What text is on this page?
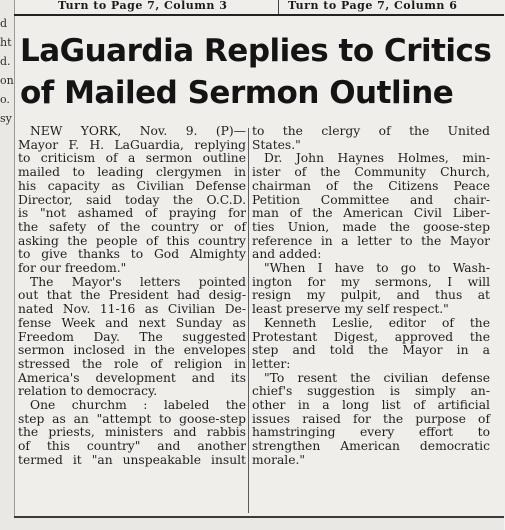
d
ht
d.
on
o.
sy
Turn to Page 7, Column 3	Turn to Page 7, Column 6
LaGuardia Replies to Critics
of Mailed Sermon Outline
NEW YORK, Nov. 9. (P)—
Mayor F. H. LaGuardia, replying
to criticism of a sermon outline
mailed to leading clergymen in
his capacity as Civilian Defense
Director, said today the O.C.D.
is "not ashamed of praying for
the safety of the country or of
asking the people of this country
to give thanks to God Almighty
for our freedom."
The Mayor's letters pointed
out that the President had desig-
nated Nov. 11-16 as Civilian De-
fense Week and next Sunday as
Freedom Day. The suggested
sermon inclosed in the envelopes
stressed the role of religion in
America's development and its
relation to democracy.
One churchm : labeled the
step as an "attempt to goose-step
the priests, ministers and rabbis
of this country" and another
termed it "an unspeakable insult
to the clergy of the United
States."
Dr. John Haynes Holmes, min-
ister of the Community Church,
chairman of the Citizens Peace
Petition Committee and chair-
man of the American Civil Liber-
ties Union, made the goose-step
reference in a letter to the Mayor
and added:
"When I have to go to Wash-
ington for my sermons, I will
resign my pulpit, and thus at
least preserve my self respect."
Kenneth Leslie, editor of the
Protestant Digest, approved the
step and told the Mayor in a
letter:
"To resent the civilian defense
chief's suggestion is simply an-
other in a long list of artificial
issues raised for the purpose of
hamstringing every effort to
strengthen American democratic
morale."
